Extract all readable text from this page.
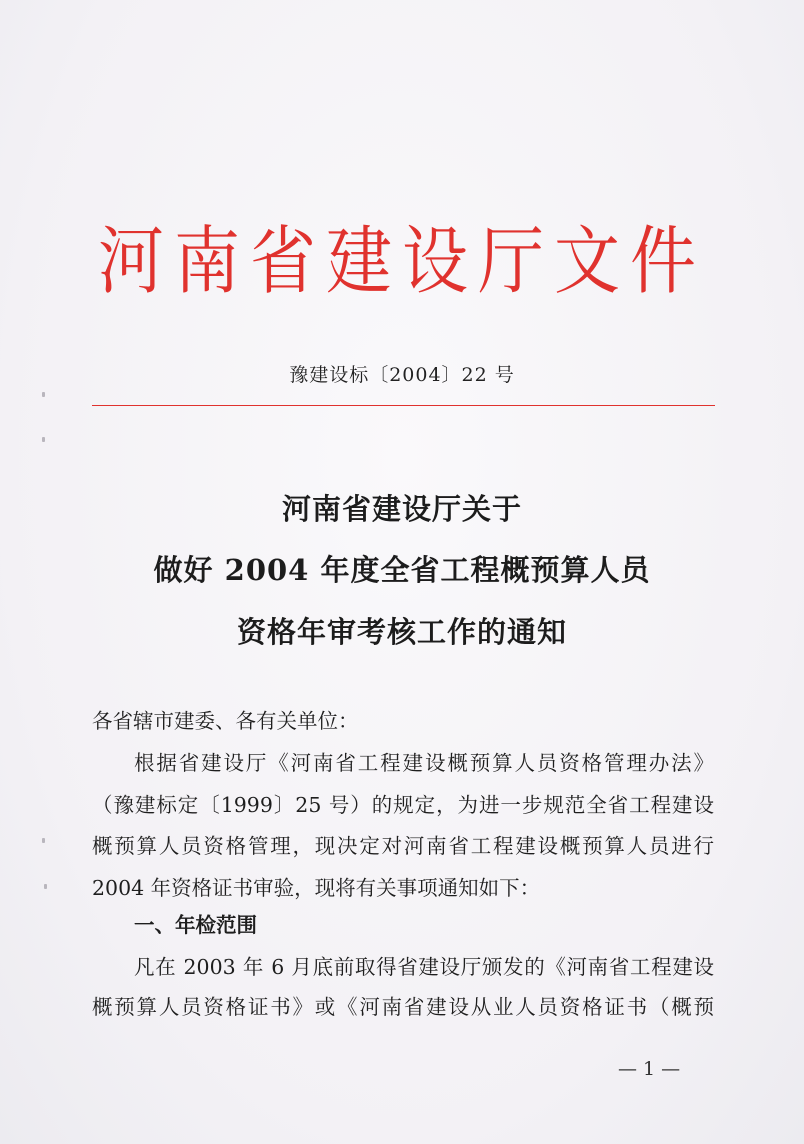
河南省建设厅文件
豫建设标〔2004〕22 号
河南省建设厅关于
做好 2004 年度全省工程概预算人员
资格年审考核工作的通知
各省辖市建委、各有关单位：
根据省建设厅《河南省工程建设概预算人员资格管理办法》
（豫建标定〔1999〕25 号）的规定，为进一步规范全省工程建设
概预算人员资格管理，现决定对河南省工程建设概预算人员进行
2004 年资格证书审验，现将有关事项通知如下：
一、年检范围
凡在 2003 年 6 月底前取得省建设厅颁发的《河南省工程建设
概预算人员资格证书》或《河南省建设从业人员资格证书（概预
— 1 —
